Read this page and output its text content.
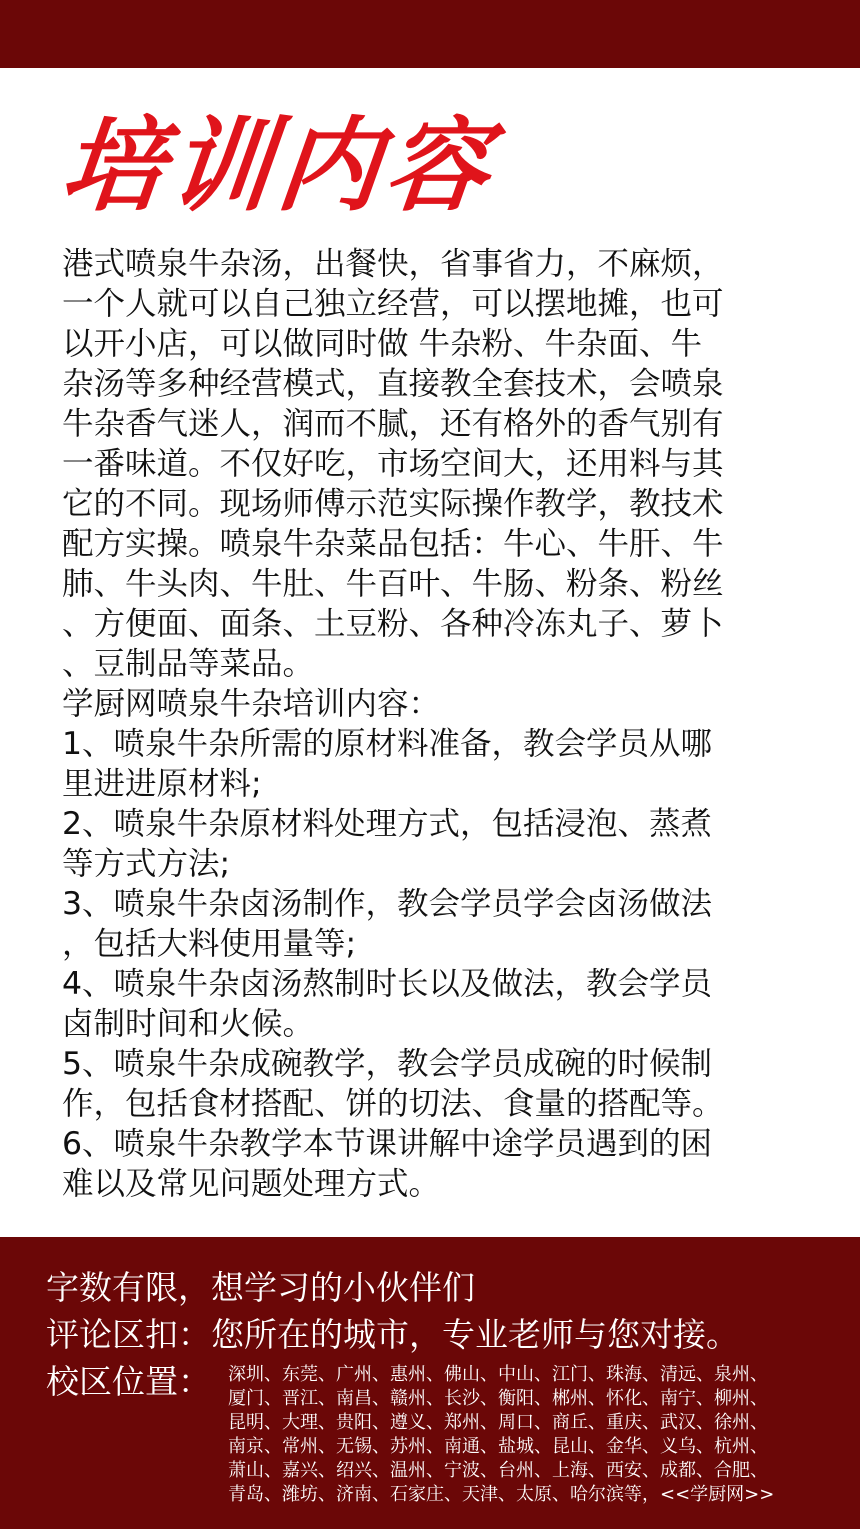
培训内容

港式喷泉牛杂汤，出餐快，省事省力，不麻烦，

一个人就可以自己独立经营，可以摆地摊，也可

以开小店，可以做同时做 牛杂粉、牛杂面、牛

杂汤等多种经营模式，直接教全套技术，会喷泉

牛杂香气迷人，润而不腻，还有格外的香气别有

一番味道。不仅好吃，市场空间大，还用料与其

它的不同。现场师傅示范实际操作教学，教技术

配方实操。喷泉牛杂菜品包括：牛心、牛肝、牛

肺、牛头肉、牛肚、牛百叶、牛肠、粉条、粉丝

、方便面、面条、土豆粉、各种冷冻丸子、萝卜

、豆制品等菜品。

学厨网喷泉牛杂培训内容：

1、喷泉牛杂所需的原材料准备，教会学员从哪

里进进原材料;

2、喷泉牛杂原材料处理方式，包括浸泡、蒸煮

等方式方法;

3、喷泉牛杂卤汤制作，教会学员学会卤汤做法

，包括大料使用量等;

4、喷泉牛杂卤汤熬制时长以及做法，教会学员

卤制时间和火候。

5、喷泉牛杂成碗教学，教会学员成碗的时候制

作，包括食材搭配、饼的切法、食量的搭配等。

6、喷泉牛杂教学本节课讲解中途学员遇到的困

难以及常见问题处理方式。

字数有限，想学习的小伙伴们
评论区扣：您所在的城市，专业老师与您对接。
校区位置： 深圳、东莞、广州、惠州、佛山、中山、江门、珠海、清远、泉州、
厦门、晋江、南昌、赣州、长沙、衡阳、郴州、怀化、南宁、柳州、
昆明、大理、贵阳、遵义、郑州、周口、商丘、重庆、武汉、徐州、
南京、常州、无锡、苏州、南通、盐城、昆山、金华、义乌、杭州、
萧山、嘉兴、绍兴、温州、宁波、台州、上海、西安、成都、合肥、
青岛、潍坊、济南、石家庄、天津、太原、哈尔滨等，<<学厨网>>
